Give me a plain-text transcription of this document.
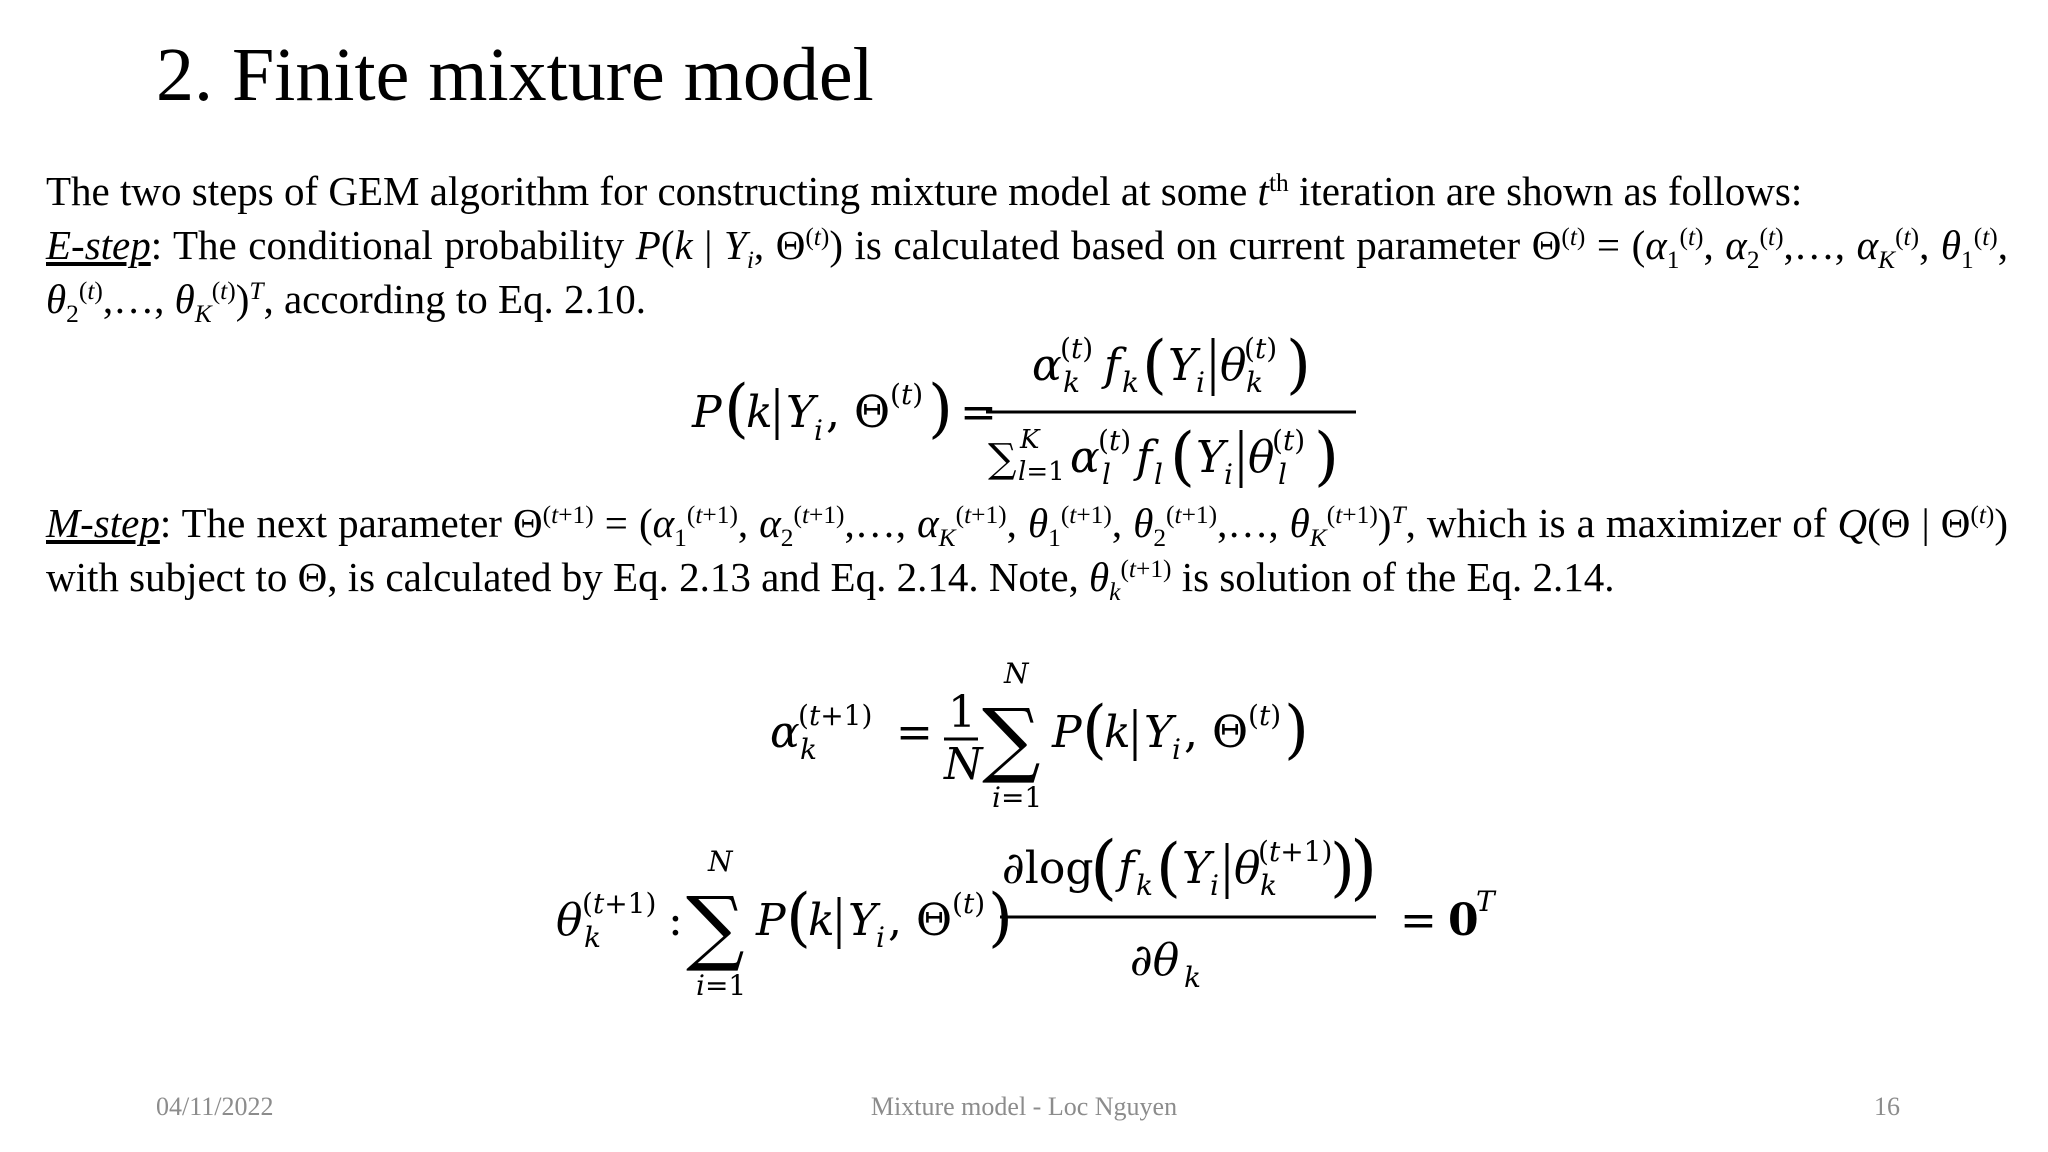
2. Finite mixture model
The two steps of GEM algorithm for constructing mixture model at some $t^{th}$ iteration are shown as follows:
E-step: The conditional probability P(k | $Y_i$, $\Theta^{(t)}$) is calculated based on current parameter $\Theta^{(t)} = (\alpha_1^{(t)}$, $\alpha_2^{(t)},\dots$, $\alpha_K^{(t)}$, $\theta_1^{(t)}$, $\theta_2^{(t)},\dots$, $\theta_K^{(t)})^T$, according to Eq. 2.10.
P (
k Y
i , Θ (t) ) =
α
(t)
k f k ( Y
i θ
(t)
k )
∑ K
l=1 α
(t)
l f l ( Y
i θ
(t)
l )
M-step: The next parameter $\Theta^{(t+1)} = (\alpha_1^{(t+1)}$, $\alpha_2^{(t+1)},\dots$, $\alpha_K^{(t+1)}$, $\theta_1^{(t+1)}$, $\theta_2^{(t+1)},\dots$, $\theta_K^{(t+1)})^T$, which is a maximizer of Q(Θ | $\Theta^{(t)}$) with subject to Θ, is calculated by Eq. 2.13 and Eq. 2.14. Note, $\theta_k^{(t+1)}$ is solution of the Eq. 2.14.
α
(t+1)
k = 1
N ∑
N
i=1
P (
k Y
i , Θ (t) )
θ (t+1)
k : ∑
N
i=1
P (
k Y
i , Θ (t) )
∂log
( f k ( Y
i θ
(t+1)
k )
)
∂θ k
= 0
T
04/11/2022	Mixture model - Loc Nguyen	16
